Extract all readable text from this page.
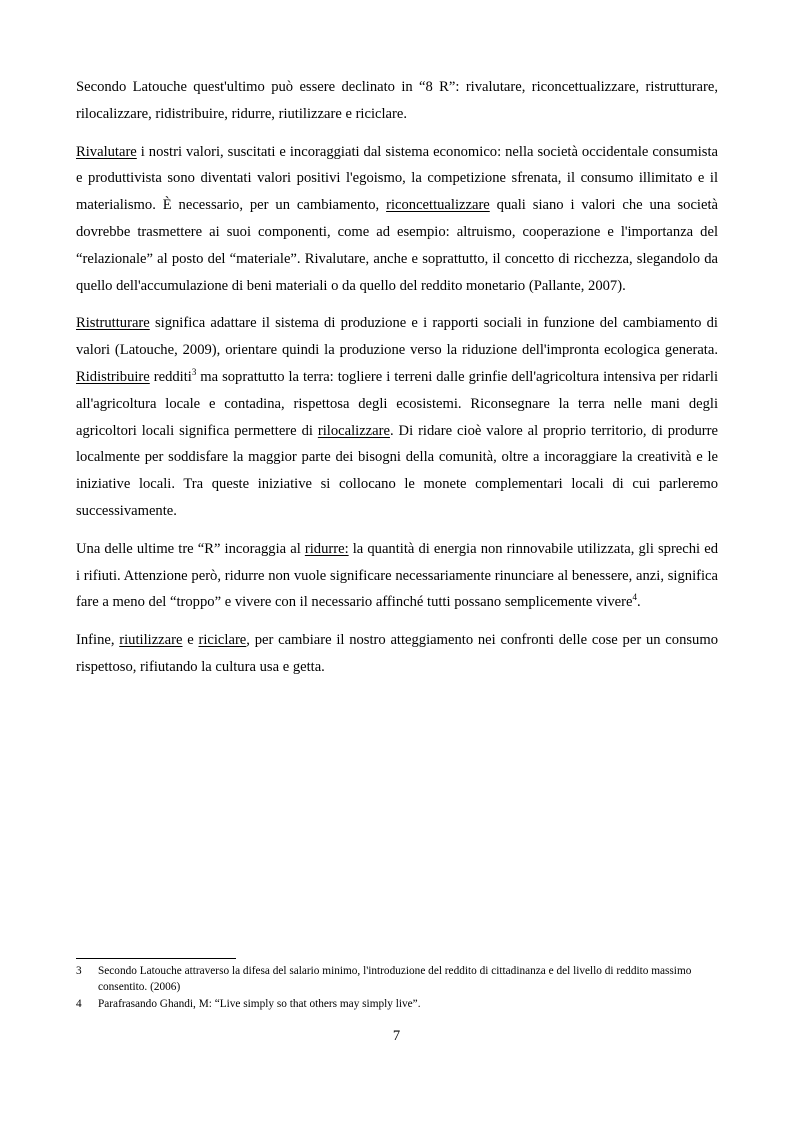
Secondo Latouche quest'ultimo può essere declinato in “8 R”: rivalutare, riconcettualizzare, ristrutturare, rilocalizzare, ridistribuire, ridurre, riutilizzare e riciclare.

Rivalutare i nostri valori, suscitati e incoraggiati dal sistema economico: nella società occidentale consumista e produttivista sono diventati valori positivi l'egoismo, la competizione sfrenata, il consumo illimitato e il materialismo. È necessario, per un cambiamento, riconcettualizzare quali siano i valori che una società dovrebbe trasmettere ai suoi componenti, come ad esempio: altruismo, cooperazione e l'importanza del “relazionale” al posto del “materiale”. Rivalutare, anche e soprattutto, il concetto di ricchezza, slegandolo da quello dell'accumulazione di beni materiali o da quello del reddito monetario (Pallante, 2007).

Ristrutturare significa adattare il sistema di produzione e i rapporti sociali in funzione del cambiamento di valori (Latouche, 2009), orientare quindi la produzione verso la riduzione dell'impronta ecologica generata. Ridistribuire redditi$^3$ ma soprattutto la terra: togliere i terreni dalle grinfie dell'agricoltura intensiva per ridarli all'agricoltura locale e contadina, rispettosa degli ecosistemi. Riconsegnare la terra nelle mani degli agricoltori locali significa permettere di rilocalizzare. Di ridare cioè valore al proprio territorio, di produrre localmente per soddisfare la maggior parte dei bisogni della comunità, oltre a incoraggiare la creatività e le iniziative locali. Tra queste iniziative si collocano le monete complementari locali di cui parleremo successivamente.

Una delle ultime tre “R” incoraggia al ridurre: la quantità di energia non rinnovabile utilizzata, gli sprechi ed i rifiuti. Attenzione però, ridurre non vuole significare necessariamente rinunciare al benessere, anzi, significa fare a meno del “troppo” e vivere con il necessario affinché tutti possano semplicemente vivere$^4$.

Infine, riutilizzare e riciclare, per cambiare il nostro atteggiamento nei confronti delle cose per un consumo rispettoso, rifiutando la cultura usa e getta.

3	Secondo Latouche attraverso la difesa del salario minimo, l'introduzione del reddito di cittadinanza e del livello di reddito massimo consentito. (2006)
4	Parafrasando Ghandi, M: “Live simply so that others may simply live”.
7
